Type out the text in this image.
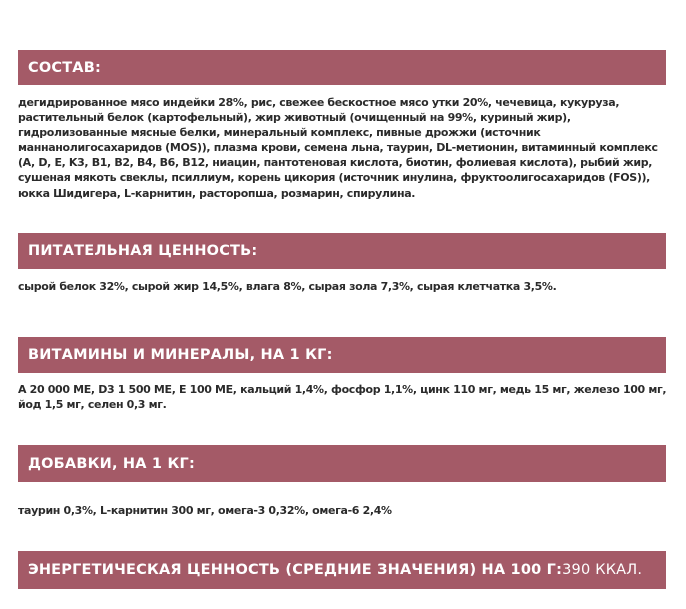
СОСТАВ:

дегидрированное мясо индейки 28%, рис, свежее бескостное мясо утки 20%, чечевица, кукуруза, растительный белок (картофельный), жир животный (очищенный на 99%, куриный жир), гидролизованные мясные белки, минеральный комплекс, пивные дрожжи (источник маннанолигосахаридов (MOS)), плазма крови, семена льна, таурин, DL-метионин, витаминный комплекс (A, D, E, K3, B1, B2, B4, B6, B12, ниацин, пантотеновая кислота, биотин, фолиевая кислота), рыбий жир, сушеная мякоть свеклы, псиллиум, корень цикория (источник инулина, фруктоолигосахаридов (FOS)), юкка Шидигера, L-карнитин, расторопша, розмарин, спирулина.

ПИТАТЕЛЬНАЯ ЦЕННОСТЬ:

сырой белок 32%, сырой жир 14,5%, влага 8%, сырая зола 7,3%, сырая клетчатка 3,5%.

ВИТАМИНЫ И МИНЕРАЛЫ, НА 1 КГ:

А 20 000 МЕ, D3 1 500 МЕ, Е 100 МЕ, кальций 1,4%, фосфор 1,1%, цинк 110 мг, медь 15 мг, железо 100 мг, йод 1,5 мг, селен 0,3 мг.

ДОБАВКИ, НА 1 КГ:

таурин 0,3%, L-карнитин 300 мг, омега-3 0,32%, омега-6 2,4%

ЭНЕРГЕТИЧЕСКАЯ ЦЕННОСТЬ (СРЕДНИЕ ЗНАЧЕНИЯ) НА 100 Г: 390 ККАЛ.
